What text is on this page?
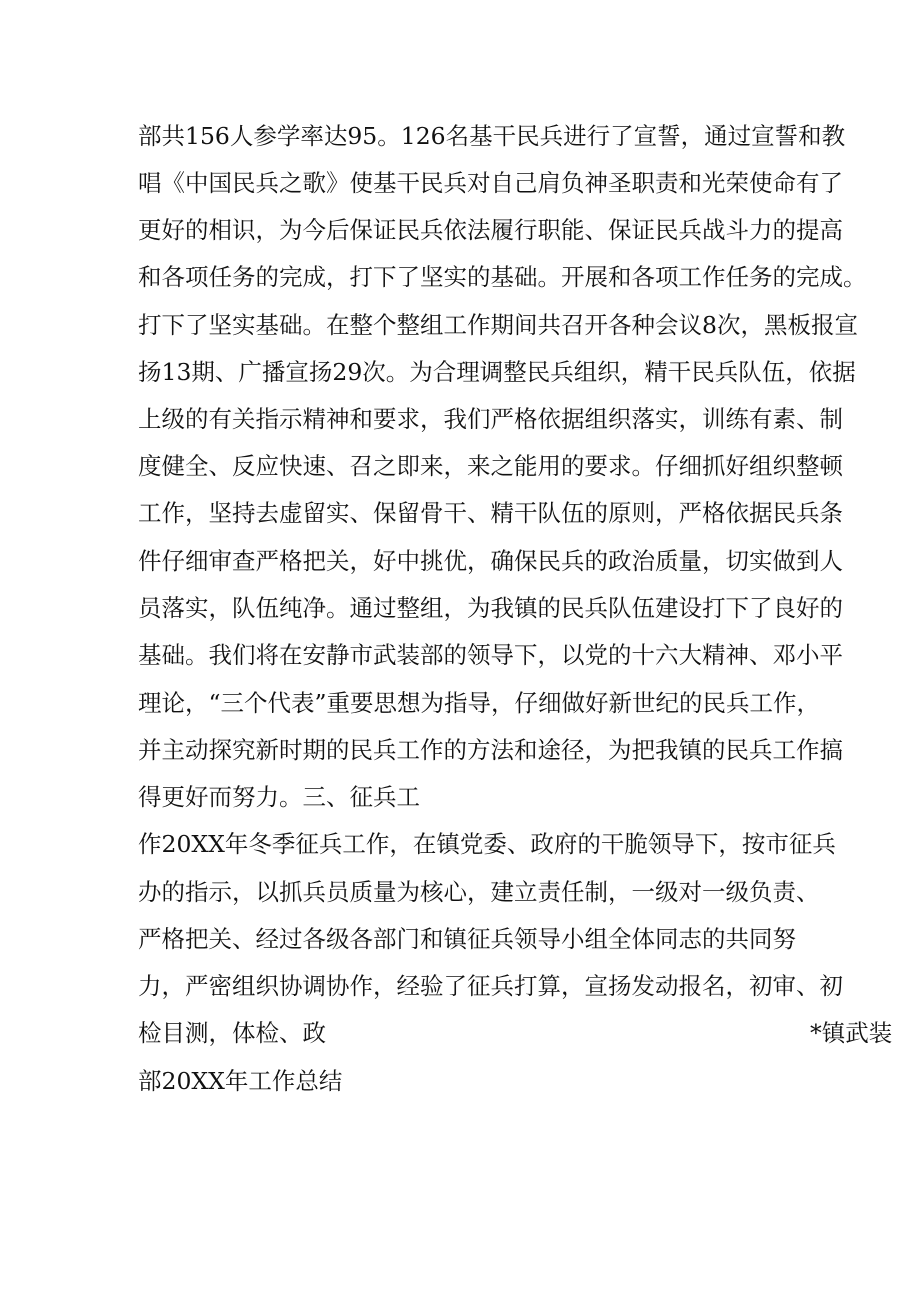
部共156人参学率达95。126名基干民兵进行了宣誓，通过宣誓和教

唱《中国民兵之歌》使基干民兵对自己肩负神圣职责和光荣使命有了

更好的相识，为今后保证民兵依法履行职能、保证民兵战斗力的提高

和各项任务的完成，打下了坚实的基础。开展和各项工作任务的完成。

打下了坚实基础。在整个整组工作期间共召开各种会议8次，黑板报宣

扬13期、广播宣扬29次。为合理调整民兵组织，精干民兵队伍，依据

上级的有关指示精神和要求，我们严格依据组织落实，训练有素、制

度健全、反应快速、召之即来，来之能用的要求。仔细抓好组织整顿

工作，坚持去虚留实、保留骨干、精干队伍的原则，严格依据民兵条

件仔细审查严格把关，好中挑优，确保民兵的政治质量，切实做到人

员落实，队伍纯净。通过整组，为我镇的民兵队伍建设打下了良好的

基础。我们将在安静市武装部的领导下，以党的十六大精神、邓小平

理论，“三个代表”重要思想为指导，仔细做好新世纪的民兵工作，

并主动探究新时期的民兵工作的方法和途径，为把我镇的民兵工作搞

得更好而努力。三、征兵工

作20XX年冬季征兵工作，在镇党委、政府的干脆领导下，按市征兵

办的指示，以抓兵员质量为核心，建立责任制，一级对一级负责、

严格把关、经过各级各部门和镇征兵领导小组全体同志的共同努

力，严密组织协调协作，经验了征兵打算，宣扬发动报名，初审、初

检目测，体检、政	*镇武装

部20XX年工作总结
